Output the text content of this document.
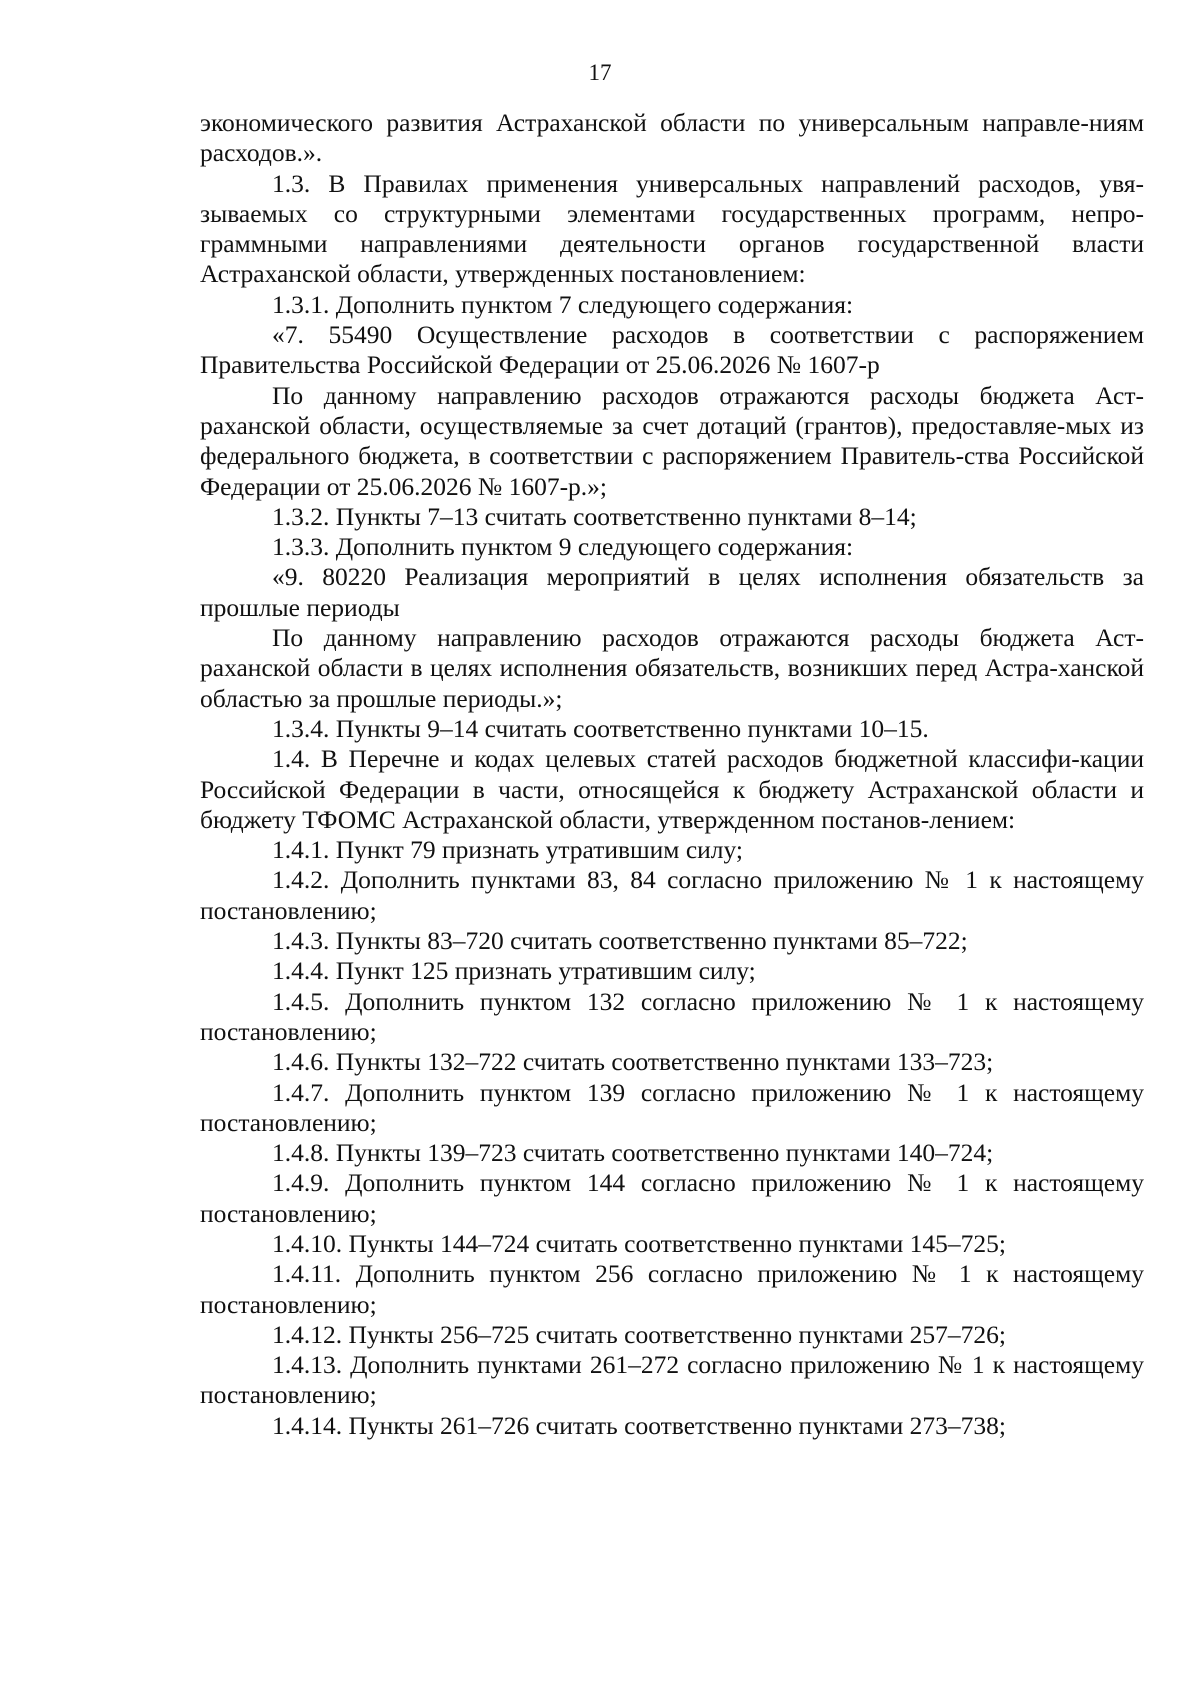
17

экономического развития Астраханской области по универсальным направле-ниям расходов.».

1.3. В Правилах применения универсальных направлений расходов, увя-зываемых со структурными элементами государственных программ, непро-граммными направлениями деятельности органов государственной власти Астраханской области, утвержденных постановлением:

1.3.1. Дополнить пунктом 7 следующего содержания:

«7. 55490 Осуществление расходов в соответствии с распоряжением Правительства Российской Федерации от 25.06.2026 № 1607-р

По данному направлению расходов отражаются расходы бюджета Аст-раханской области, осуществляемые за счет дотаций (грантов), предоставляе-мых из федерального бюджета, в соответствии с распоряжением Правитель-ства Российской Федерации от 25.06.2026 № 1607-р.»;

1.3.2. Пункты 7–13 считать соответственно пунктами 8–14;

1.3.3. Дополнить пунктом 9 следующего содержания:

«9. 80220 Реализация мероприятий в целях исполнения обязательств за прошлые периоды

По данному направлению расходов отражаются расходы бюджета Аст-раханской области в целях исполнения обязательств, возникших перед Астра-ханской областью за прошлые периоды.»;

1.3.4. Пункты 9–14 считать соответственно пунктами 10–15.

1.4. В Перечне и кодах целевых статей расходов бюджетной классифи-кации Российской Федерации в части, относящейся к бюджету Астраханской области и бюджету ТФОМС Астраханской области, утвержденном постанов-лением:

1.4.1. Пункт 79 признать утратившим силу;

1.4.2. Дополнить пунктами 83, 84 согласно приложению № 1 к настоящему постановлению;

1.4.3. Пункты 83–720 считать соответственно пунктами 85–722;

1.4.4. Пункт 125 признать утратившим силу;

1.4.5. Дополнить пунктом 132 согласно приложению № 1 к настоящему постановлению;

1.4.6. Пункты 132–722 считать соответственно пунктами 133–723;

1.4.7. Дополнить пунктом 139 согласно приложению № 1 к настоящему постановлению;

1.4.8. Пункты 139–723 считать соответственно пунктами 140–724;

1.4.9. Дополнить пунктом 144 согласно приложению № 1 к настоящему постановлению;

1.4.10. Пункты 144–724 считать соответственно пунктами 145–725;

1.4.11. Дополнить пунктом 256 согласно приложению № 1 к настоящему постановлению;

1.4.12. Пункты 256–725 считать соответственно пунктами 257–726;

1.4.13. Дополнить пунктами 261–272 согласно приложению № 1 к настоящему постановлению;

1.4.14. Пункты 261–726 считать соответственно пунктами 273–738;
